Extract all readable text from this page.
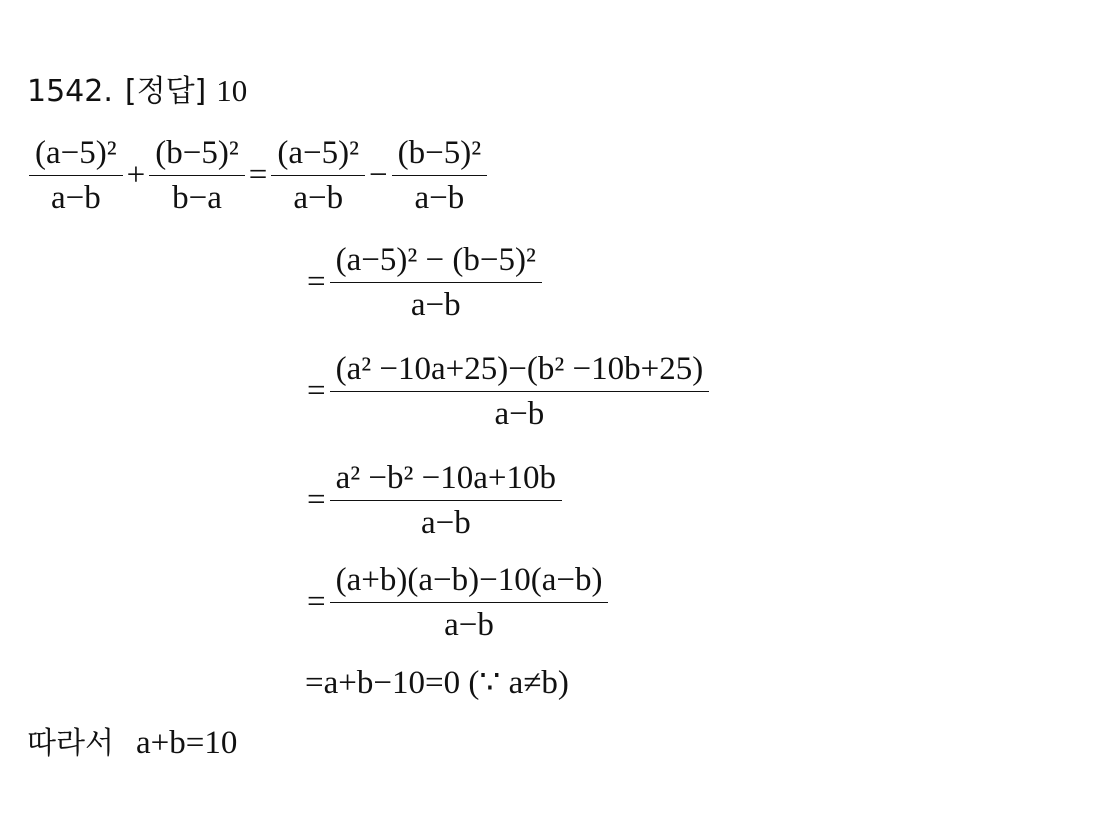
1542. [정답] 10
$\frac{\text{(a−5)²}}{a-b} + \frac{\text{(b−5)²}}{b-a} = \frac{\text{(a−5)²}}{a-b} - \frac{\text{(b−5)²}}{a-b}$
= $\frac{\text{(a−5)² − (b−5)²}}{a-b}$
= $\frac{\text{(a² −10a+25)−(b² −10b+25)}}{a-b}$
= $\frac{\text{a² −b² −10a+10b}}{a-b}$
= $\frac{(a+b)(a-b)-10(a-b)}{a-b}$
=a+b−10=0 (∵ a≠b)
따라서 a+b=10
